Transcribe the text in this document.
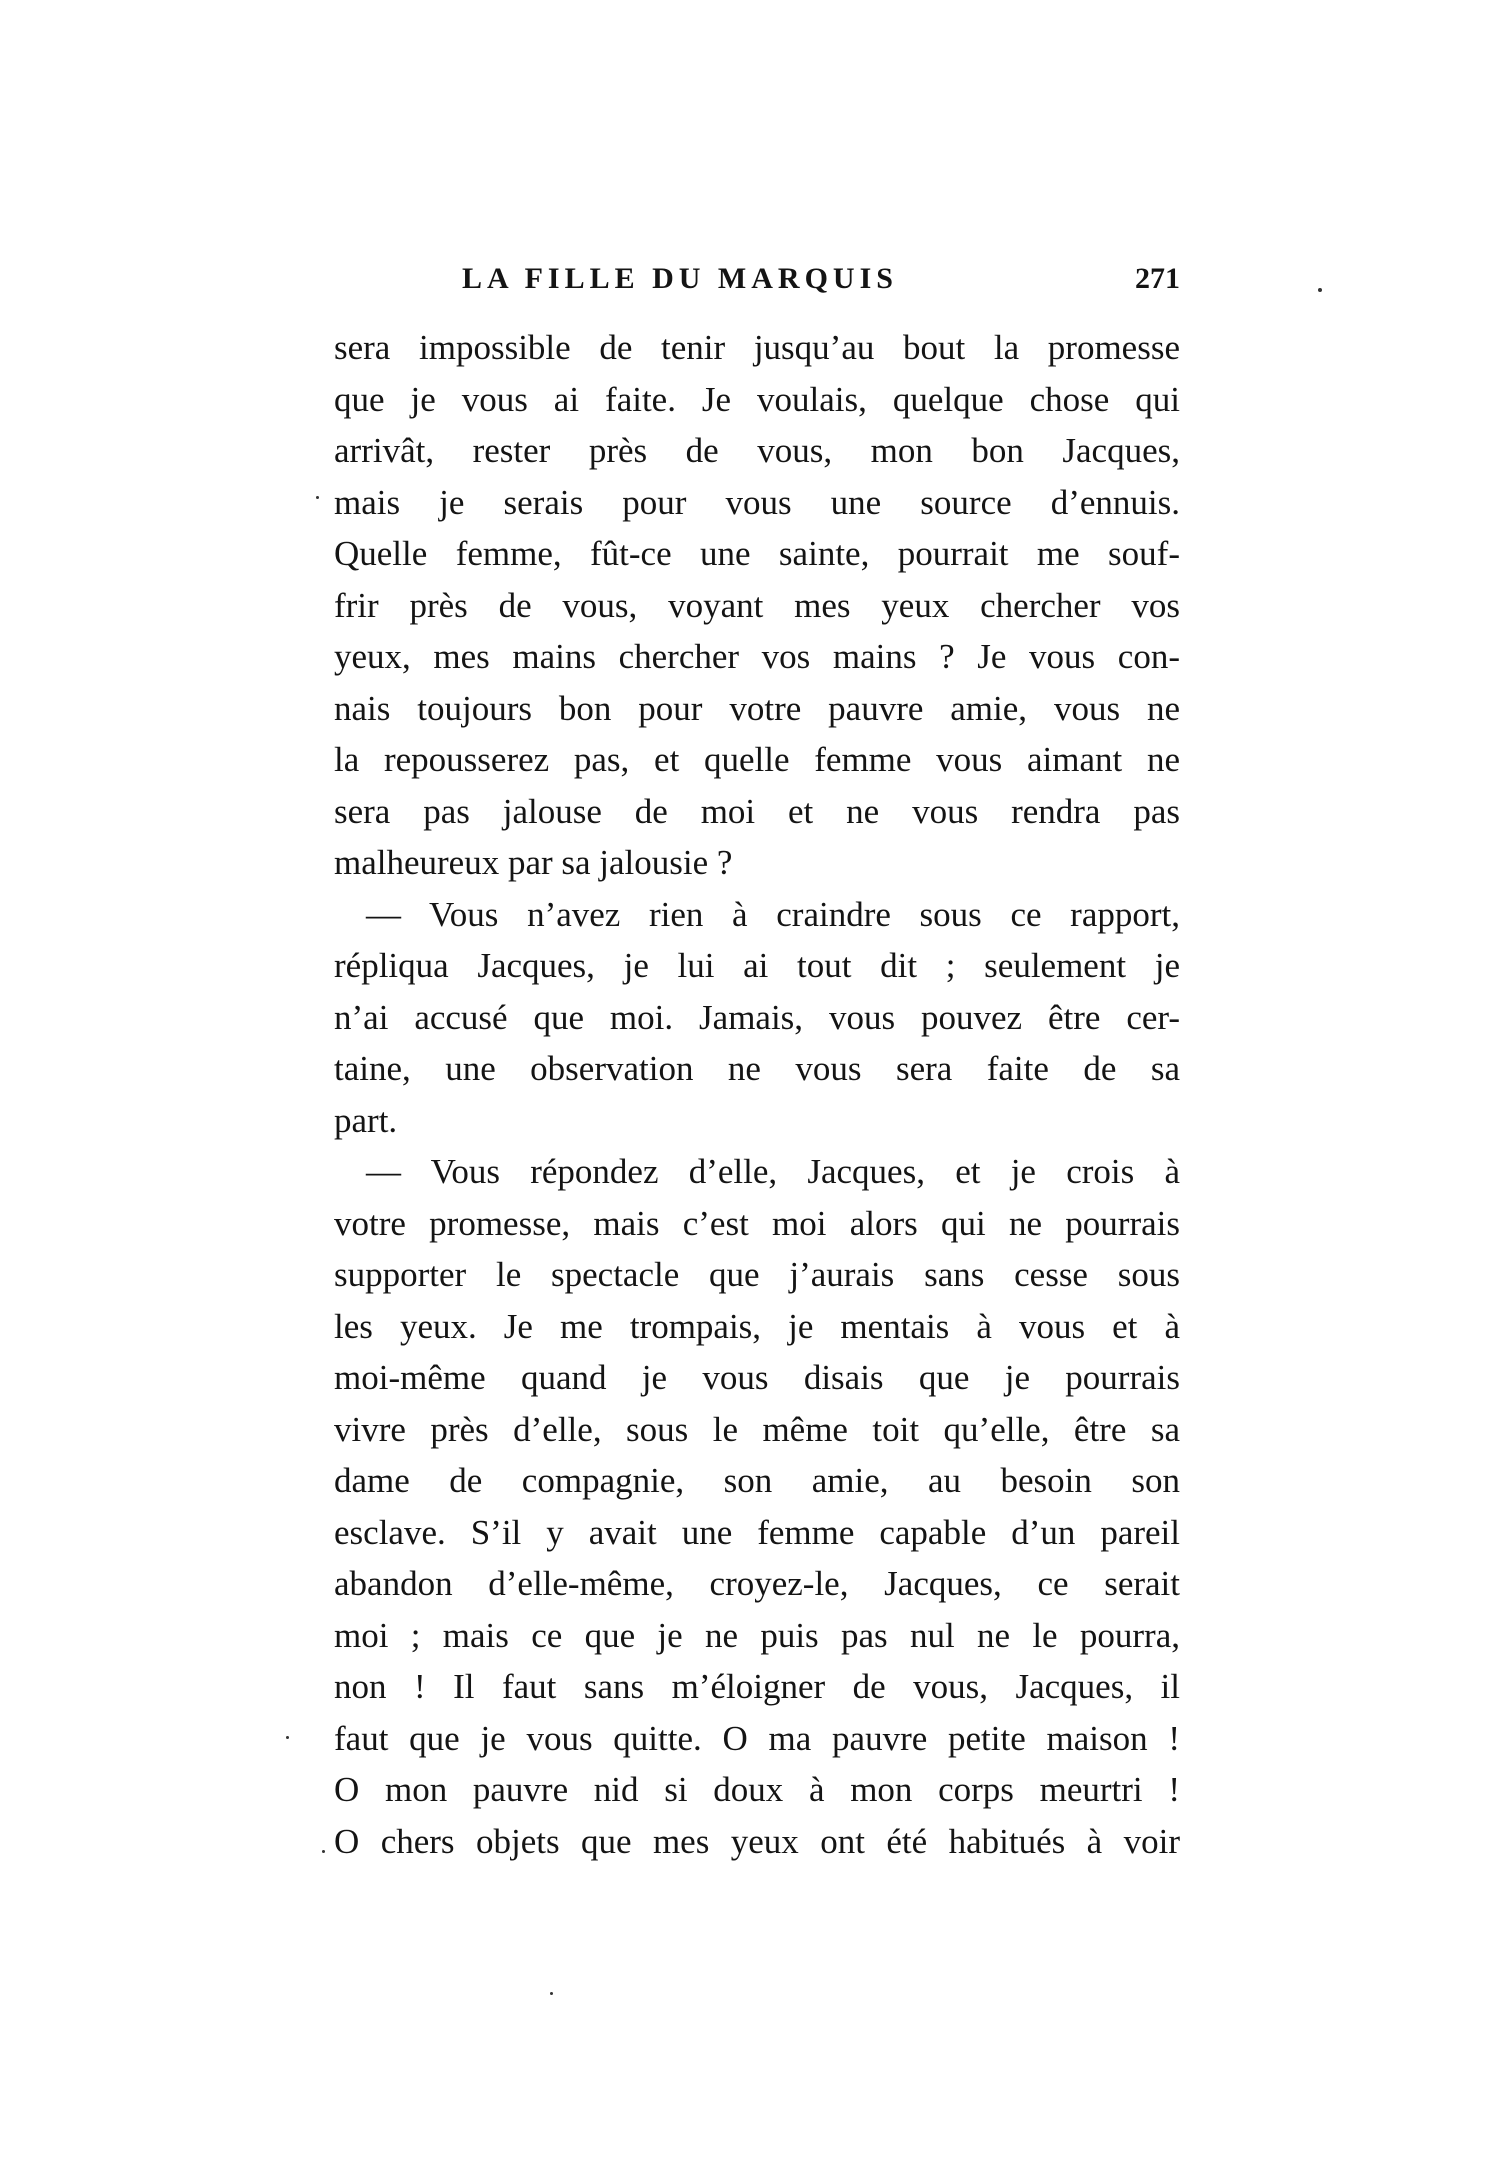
LA FILLE DU MARQUIS	271
sera impossible de tenir jusqu’au bout la promesse
que je vous ai faite. Je voulais, quelque chose qui
arrivât, rester près de vous, mon bon Jacques,
mais je serais pour vous une source d’ennuis.
Quelle femme, fût-ce une sainte, pourrait me souf-
frir près de vous, voyant mes yeux chercher vos
yeux, mes mains chercher vos mains ? Je vous con-
nais toujours bon pour votre pauvre amie, vous ne
la repousserez pas, et quelle femme vous aimant ne
sera pas jalouse de moi et ne vous rendra pas
malheureux par sa jalousie ?
— Vous n’avez rien à craindre sous ce rapport,
répliqua Jacques, je lui ai tout dit ; seulement je
n’ai accusé que moi. Jamais, vous pouvez être cer-
taine, une observation ne vous sera faite de sa
part.
— Vous répondez d’elle, Jacques, et je crois à
votre promesse, mais c’est moi alors qui ne pourrais
supporter le spectacle que j’aurais sans cesse sous
les yeux. Je me trompais, je mentais à vous et à
moi-même quand je vous disais que je pourrais
vivre près d’elle, sous le même toit qu’elle, être sa
dame de compagnie, son amie, au besoin son
esclave. S’il y avait une femme capable d’un pareil
abandon d’elle-même, croyez-le, Jacques, ce serait
moi ; mais ce que je ne puis pas nul ne le pourra,
non ! Il faut sans m’éloigner de vous, Jacques, il
faut que je vous quitte. O ma pauvre petite maison !
O mon pauvre nid si doux à mon corps meurtri !
O chers objets que mes yeux ont été habitués à voir
